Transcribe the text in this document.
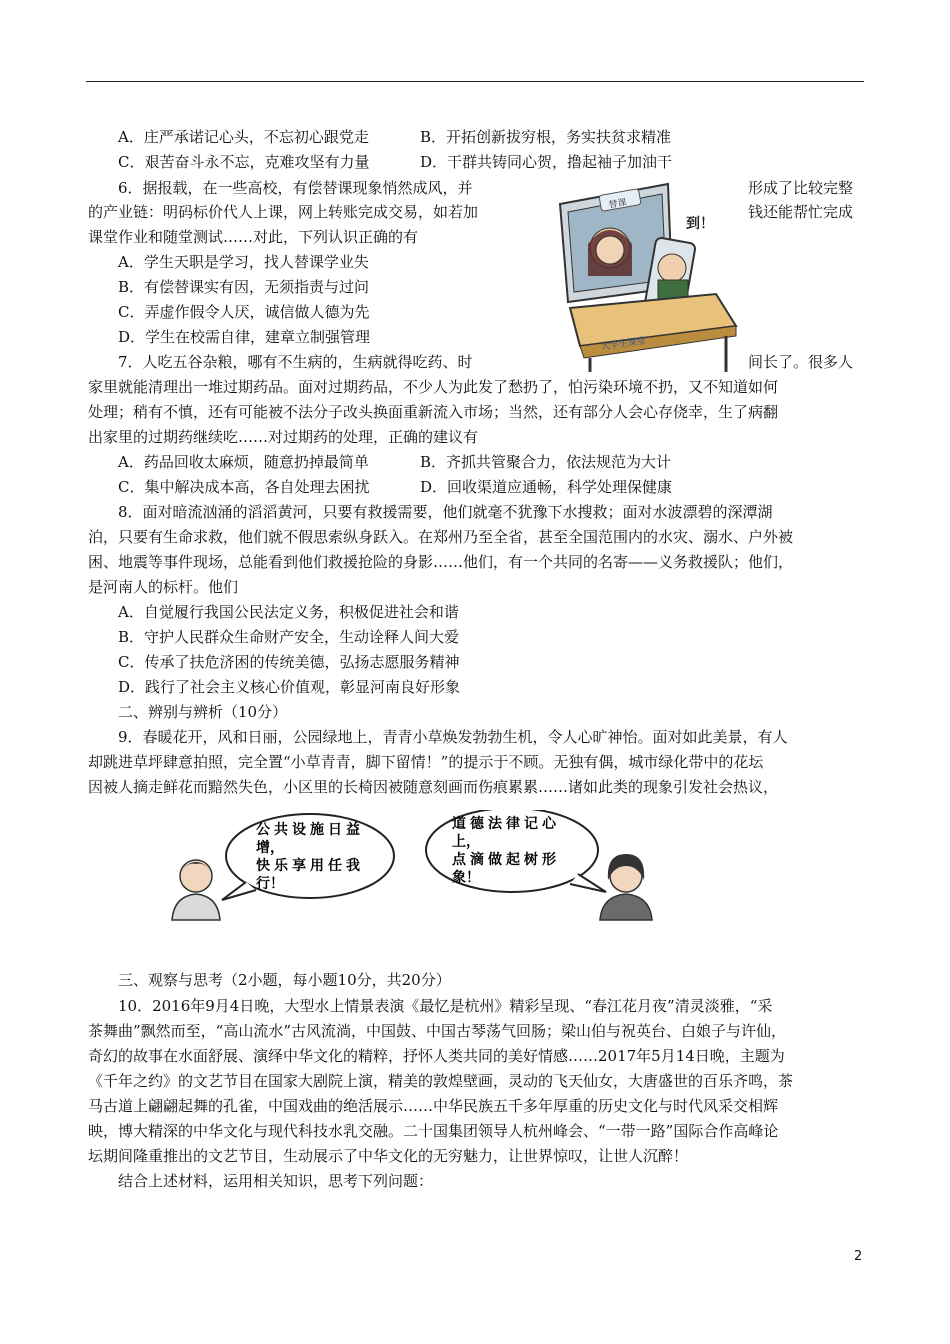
A．庄严承诺记心头，不忘初心跟党走	B．开拓创新拔穷根，务实扶贫求精准
C．艰苦奋斗永不忘，克难攻坚有力量	D．干群共铸同心贺，撸起袖子加油干
6．据报载，在一些高校，有偿替课现象悄然成风，并	形成了比较完整
的产业链：明码标价代人上课，网上转账完成交易，如若加	钱还能帮忙完成
课堂作业和随堂测试……对此，下列认识正确的有
A．学生天职是学习，找人替课学业失
B．有偿替课实有因，无须指责与过问
C．弄虚作假令人厌，诚信做人德为先
D．学生在校需自律，建章立制强管理
替课
到！
大学生课堂
7．人吃五谷杂粮，哪有不生病的，生病就得吃药、时	间长了。很多人
家里就能清理出一堆过期药品。面对过期药品，不少人为此发了愁扔了，怕污染环境不扔，又不知道如何
处理；稍有不慎，还有可能被不法分子改头换面重新流入市场；当然，还有部分人会心存侥幸，生了病翻
出家里的过期药继续吃……对过期药的处理，正确的建议有
A．药品回收太麻烦，随意扔掉最简单	B．齐抓共管聚合力，依法规范为大计
C．集中解决成本高，各自处理去困扰	D．回收渠道应通畅，科学处理保健康
8．面对暗流汹涌的滔滔黄河，只要有救援需要，他们就毫不犹豫下水搜救；面对水波漂碧的深潭湖
泊，只要有生命求救，他们就不假思索纵身跃入。在郑州乃至全省，甚至全国范围内的水灾、溺水、户外被
困、地震等事件现场，总能看到他们救援抢险的身影……他们，有一个共同的名寄——义务救援队；他们，
是河南人的标杆。他们
A．自觉履行我国公民法定义务，积极促进社会和谐
B．守护人民群众生命财产安全，生动诠释人间大爱
C．传承了扶危济困的传统美德，弘扬志愿服务精神
D．践行了社会主义核心价值观，彰显河南良好形象
二、辨别与辨析（10分）
9．春暖花开，风和日丽，公园绿地上，青青小草焕发勃勃生机，令人心旷神怡。面对如此美景，有人
却跳进草坪肆意拍照，完全置“小草青青，脚下留情！”的提示于不顾。无独有偶，城市绿化带中的花坛
因被人摘走鲜花而黯然失色，小区里的长椅因被随意刻画而伤痕累累……诸如此类的现象引发社会热议，
公共设施日益
增，
快乐享用任我
行！
道德法律记心
上，
点滴做起树形
象！
三、观察与思考（2小题，每小题10分，共20分）
10．2016年9月4日晚，大型水上情景表演《最忆是杭州》精彩呈现、“春江花月夜”清灵淡雅，“采
茶舞曲”飘然而至，“高山流水”古风流淌，中国鼓、中国古琴荡气回肠；梁山伯与祝英台、白娘子与许仙，
奇幻的故事在水面舒展、演绎中华文化的精粹，抒怀人类共同的美好情感……2017年5月14日晚，主题为
《千年之约》的文艺节目在国家大剧院上演，精美的敦煌壁画，灵动的飞天仙女，大唐盛世的百乐齐鸣，茶
马古道上翩翩起舞的孔雀，中国戏曲的绝活展示……中华民族五千多年厚重的历史文化与时代风采交相辉
映，博大精深的中华文化与现代科技水乳交融。二十国集团领导人杭州峰会、“一带一路”国际合作高峰论
坛期间隆重推出的文艺节目，生动展示了中华文化的无穷魅力，让世界惊叹，让世人沉醉！
结合上述材料，运用相关知识，思考下列问题：
2
